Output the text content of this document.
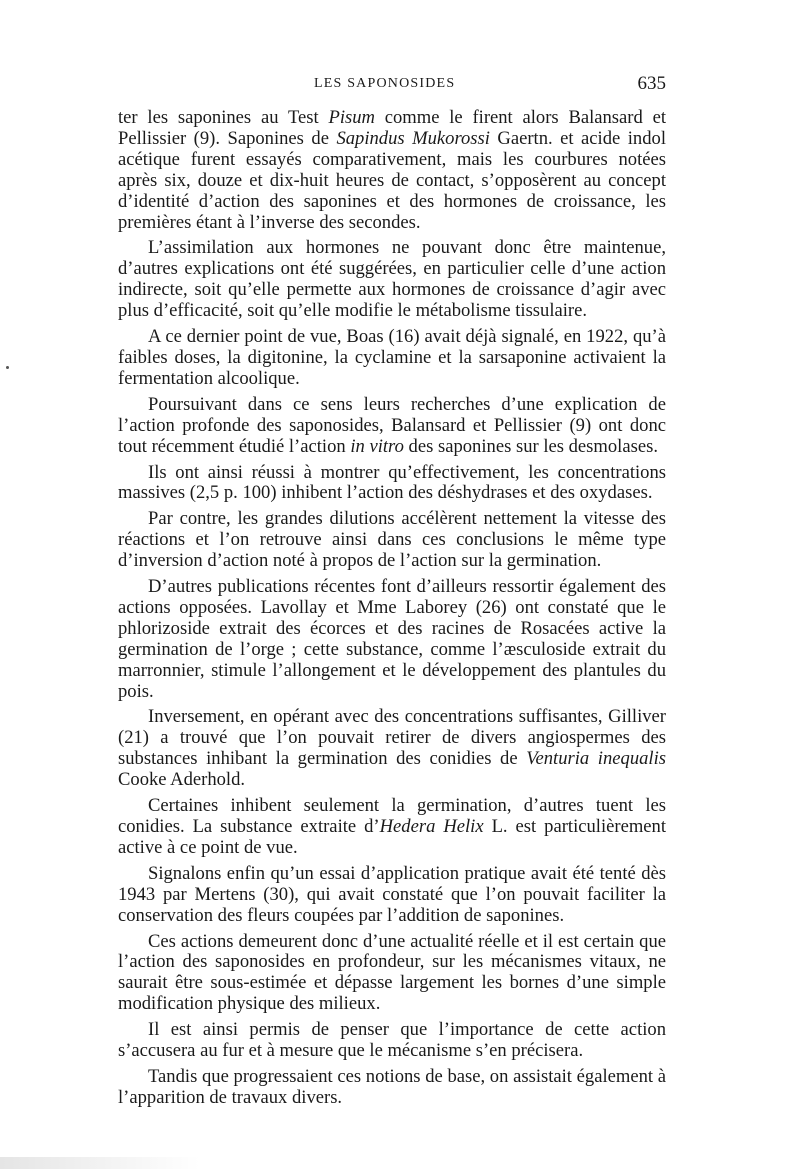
LES SAPONOSIDES	635

ter les saponines au Test Pisum comme le firent alors Balansard et Pellissier (9). Saponines de Sapindus Mukorossi Gaertn. et acide indol acétique furent essayés comparativement, mais les courbures notées après six, douze et dix-huit heures de contact, s’opposèrent au concept d’identité d’action des saponines et des hormones de croissance, les premières étant à l’inverse des secondes.

L’assimilation aux hormones ne pouvant donc être maintenue, d’autres explications ont été suggérées, en particulier celle d’une action indirecte, soit qu’elle permette aux hormones de croissance d’agir avec plus d’efficacité, soit qu’elle modifie le métabolisme tissulaire.

A ce dernier point de vue, Boas (16) avait déjà signalé, en 1922, qu’à faibles doses, la digitonine, la cyclamine et la sarsaponine activaient la fermentation alcoolique.

Poursuivant dans ce sens leurs recherches d’une explication de l’action profonde des saponosides, Balansard et Pellissier (9) ont donc tout récemment étudié l’action in vitro des saponines sur les desmolases.

Ils ont ainsi réussi à montrer qu’effectivement, les concentrations massives (2,5 p. 100) inhibent l’action des déshydrases et des oxydases.

Par contre, les grandes dilutions accélèrent nettement la vitesse des réactions et l’on retrouve ainsi dans ces conclusions le même type d’inversion d’action noté à propos de l’action sur la germination.

D’autres publications récentes font d’ailleurs ressortir également des actions opposées. Lavollay et Mme Laborey (26) ont constaté que le phlorizoside extrait des écorces et des racines de Rosacées active la germination de l’orge ; cette substance, comme l’æsculoside extrait du marronnier, stimule l’allongement et le développement des plantules du pois.

Inversement, en opérant avec des concentrations suffisantes, Gilliver (21) a trouvé que l’on pouvait retirer de divers angiospermes des substances inhibant la germination des conidies de Venturia inequalis Cooke Aderhold.

Certaines inhibent seulement la germination, d’autres tuent les conidies. La substance extraite d’Hedera Helix L. est particulièrement active à ce point de vue.

Signalons enfin qu’un essai d’application pratique avait été tenté dès 1943 par Mertens (30), qui avait constaté que l’on pouvait faciliter la conservation des fleurs coupées par l’addition de saponines.

Ces actions demeurent donc d’une actualité réelle et il est certain que l’action des saponosides en profondeur, sur les mécanismes vitaux, ne saurait être sous-estimée et dépasse largement les bornes d’une simple modification physique des milieux.

Il est ainsi permis de penser que l’importance de cette action s’accusera au fur et à mesure que le mécanisme s’en précisera.

Tandis que progressaient ces notions de base, on assistait également à l’apparition de travaux divers.
